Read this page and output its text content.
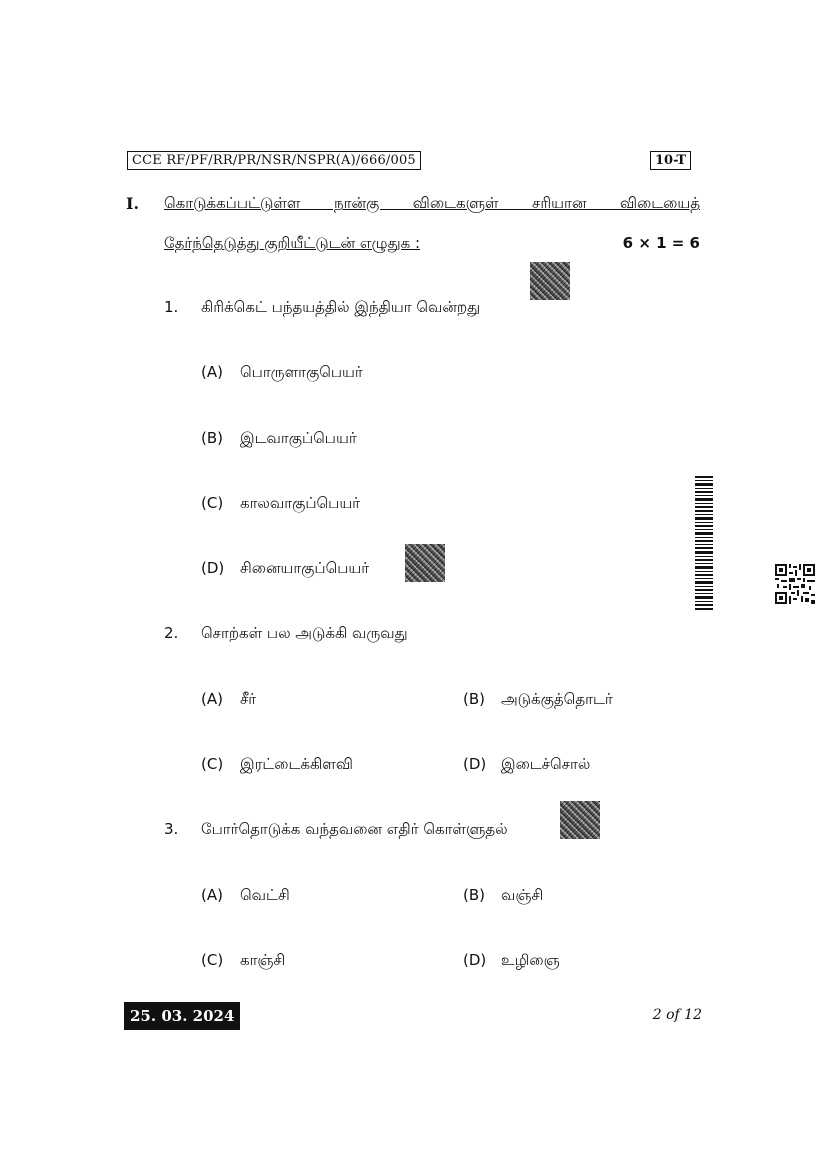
CCE RF/PF/RR/PR/NSR/NSPR(A)/666/005	10-T
I. கொடுக்கப்பட்டுள்ள நான்கு விடைகளுள் சரியான விடையைத்
தேர்ந்தெடுத்து குறியீட்டுடன் எழுதுக :	6 × 1 = 6
1. கிரிக்கெட் பந்தயத்தில் இந்தியா வென்றது
(A) பொருளாகுபெயர்
(B) இடவாகுப்பெயர்
(C) காலவாகுப்பெயர்
(D) சினையாகுப்பெயர்
2. சொற்கள் பல அடுக்கி வருவது
(A) சீர்	(B) அடுக்குத்தொடர்
(C) இரட்டைக்கிளவி	(D) இடைச்சொல்
3. போர்தொடுக்க வந்தவனை எதிர் கொள்ளுதல்
(A) வெட்சி	(B) வஞ்சி
(C) காஞ்சி	(D) உழிஞை
25. 03. 2024	2 of 12
